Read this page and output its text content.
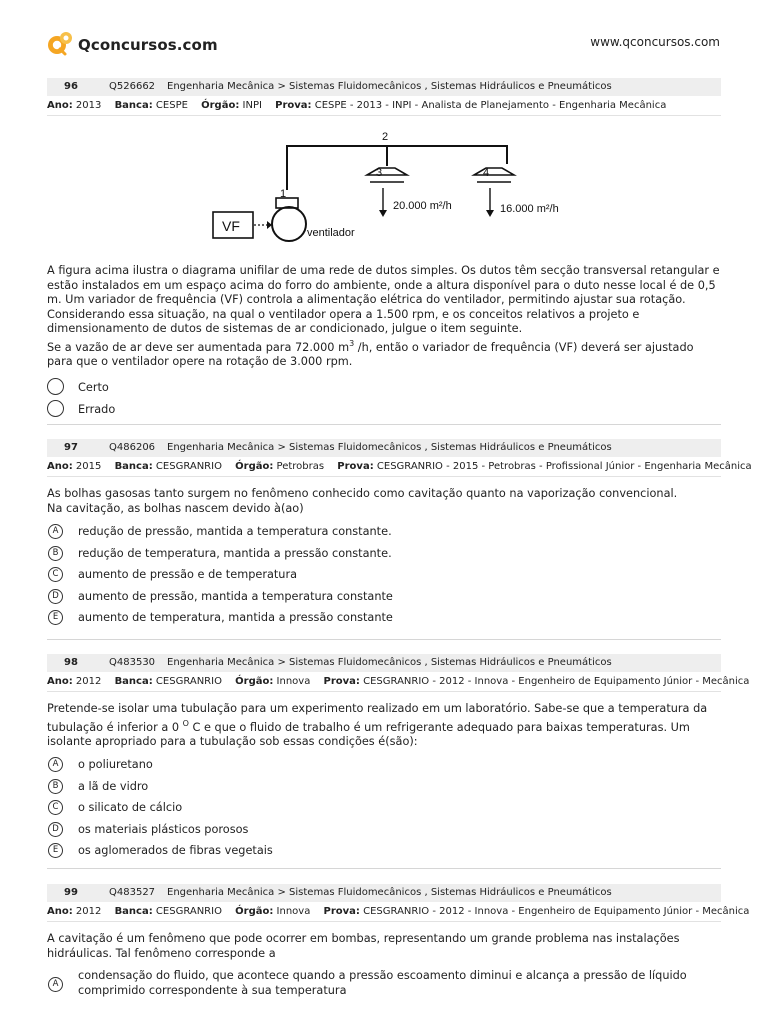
Qconcursos.com	www.qconcursos.com
96	Q526662 Engenharia Mecânica > Sistemas Fluidomecânicos , Sistemas Hidráulicos e Pneumáticos
Ano: 2013 Banca: CESPE Órgão: INPI Prova: CESPE - 2013 - INPI - Analista de Planejamento - Engenharia Mecânica
VF	ventilador
1
2
3	4
20.000 m²/h	16.000 m²/h
A figura acima ilustra o diagrama unifilar de uma rede de dutos simples. Os dutos têm secção transversal retangular e estão instalados em um espaço acima do forro do ambiente, onde a altura disponível para o duto nesse local é de 0,5 m. Um variador de frequência (VF) controla a alimentação elétrica do ventilador, permitindo ajustar sua rotação. Considerando essa situação, na qual o ventilador opera a 1.500 rpm, e os conceitos relativos a projeto e dimensionamento de dutos de sistemas de ar condicionado, julgue o item seguinte.
Se a vazão de ar deve ser aumentada para 72.000 $m^3$ /h, então o variador de frequência (VF) deverá ser ajustado para que o ventilador opere na rotação de 3.000 rpm.
Certo
Errado
97	Q486206 Engenharia Mecânica > Sistemas Fluidomecânicos , Sistemas Hidráulicos e Pneumáticos
Ano: 2015 Banca: CESGRANRIO Órgão: Petrobras Prova: CESGRANRIO - 2015 - Petrobras - Profissional Júnior - Engenharia Mecânica
As bolhas gasosas tanto surgem no fenômeno conhecido como cavitação quanto na vaporização convencional.
Na cavitação, as bolhas nascem devido à(ao)
A	redução de pressão, mantida a temperatura constante.
B	redução de temperatura, mantida a pressão constante.
C	aumento de pressão e de temperatura
D	aumento de pressão, mantida a temperatura constante
E	aumento de temperatura, mantida a pressão constante
98	Q483530 Engenharia Mecânica > Sistemas Fluidomecânicos , Sistemas Hidráulicos e Pneumáticos
Ano: 2012 Banca: CESGRANRIO Órgão: Innova Prova: CESGRANRIO - 2012 - Innova - Engenheiro de Equipamento Júnior - Mecânica
Pretende-se isolar uma tubulação para um experimento realizado em um laboratório. Sabe-se que a temperatura da tubulação é inferior a 0 $^O$ C e que o fluido de trabalho é um refrigerante adequado para baixas temperaturas. Um isolante apropriado para a tubulação sob essas condições é(são):
A	o poliuretano
B	a lã de vidro
C	o silicato de cálcio
D	os materiais plásticos porosos
E	os aglomerados de fibras vegetais
99	Q483527 Engenharia Mecânica > Sistemas Fluidomecânicos , Sistemas Hidráulicos e Pneumáticos
Ano: 2012 Banca: CESGRANRIO Órgão: Innova Prova: CESGRANRIO - 2012 - Innova - Engenheiro de Equipamento Júnior - Mecânica
A cavitação é um fenômeno que pode ocorrer em bombas, representando um grande problema nas instalações hidráulicas. Tal fenômeno corresponde a
A
condensação do fluido, que acontece quando a pressão escoamento diminui e alcança a pressão de líquido comprimido correspondente à sua temperatura
